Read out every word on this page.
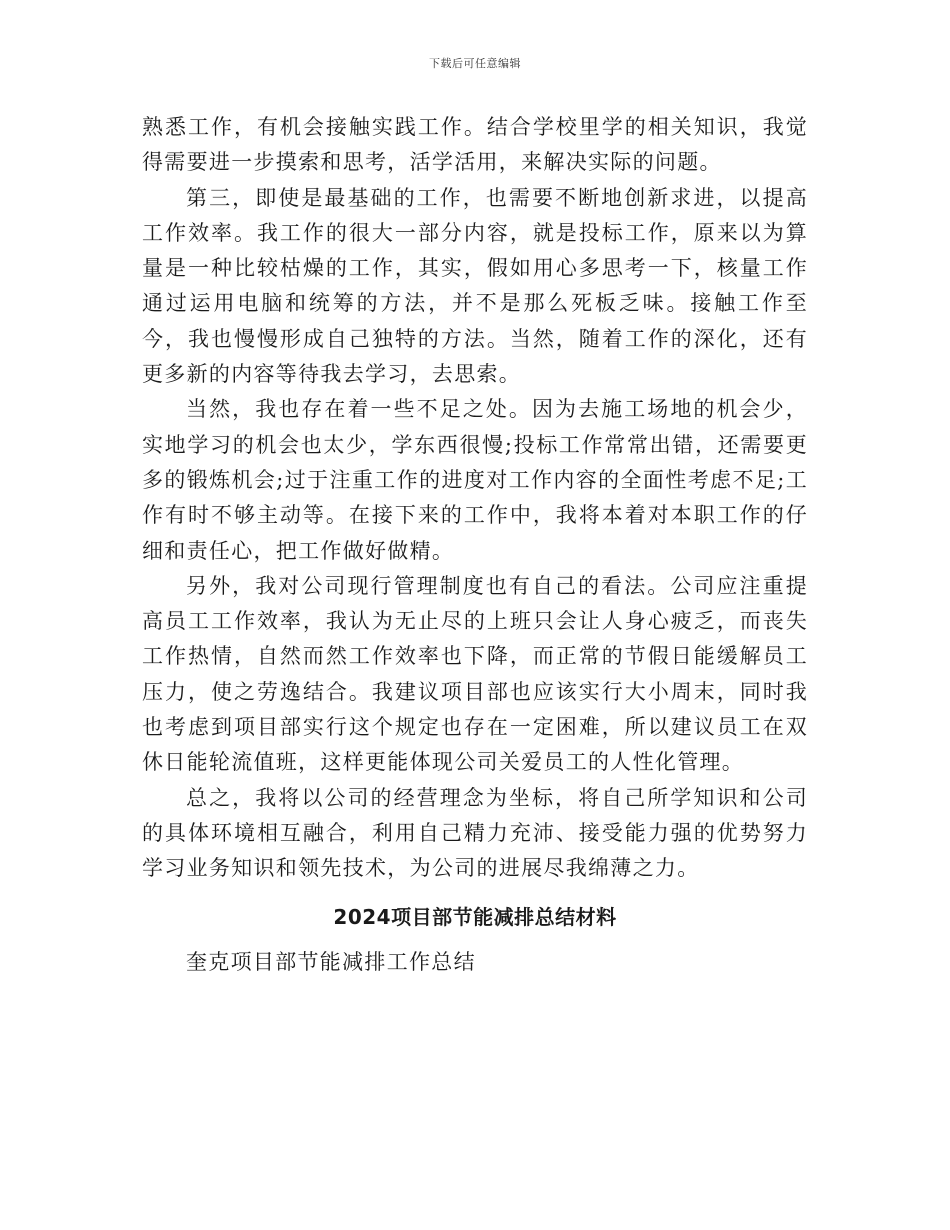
下载后可任意编辑

熟悉工作，有机会接触实践工作。结合学校里学的相关知识，我觉得需要进一步摸索和思考，活学活用，来解决实际的问题。

第三，即使是最基础的工作，也需要不断地创新求进，以提高工作效率。我工作的很大一部分内容，就是投标工作，原来以为算量是一种比较枯燥的工作，其实，假如用心多思考一下，核量工作通过运用电脑和统筹的方法，并不是那么死板乏味。接触工作至今，我也慢慢形成自己独特的方法。当然，随着工作的深化，还有更多新的内容等待我去学习，去思索。

当然，我也存在着一些不足之处。因为去施工场地的机会少，实地学习的机会也太少，学东西很慢;投标工作常常出错，还需要更多的锻炼机会;过于注重工作的进度对工作内容的全面性考虑不足;工作有时不够主动等。在接下来的工作中，我将本着对本职工作的仔细和责任心，把工作做好做精。

另外，我对公司现行管理制度也有自己的看法。公司应注重提高员工工作效率，我认为无止尽的上班只会让人身心疲乏，而丧失工作热情，自然而然工作效率也下降，而正常的节假日能缓解员工压力，使之劳逸结合。我建议项目部也应该实行大小周末，同时我也考虑到项目部实行这个规定也存在一定困难，所以建议员工在双休日能轮流值班，这样更能体现公司关爱员工的人性化管理。

总之，我将以公司的经营理念为坐标，将自己所学知识和公司的具体环境相互融合，利用自己精力充沛、接受能力强的优势努力学习业务知识和领先技术，为公司的进展尽我绵薄之力。

2024项目部节能减排总结材料

奎克项目部节能减排工作总结
